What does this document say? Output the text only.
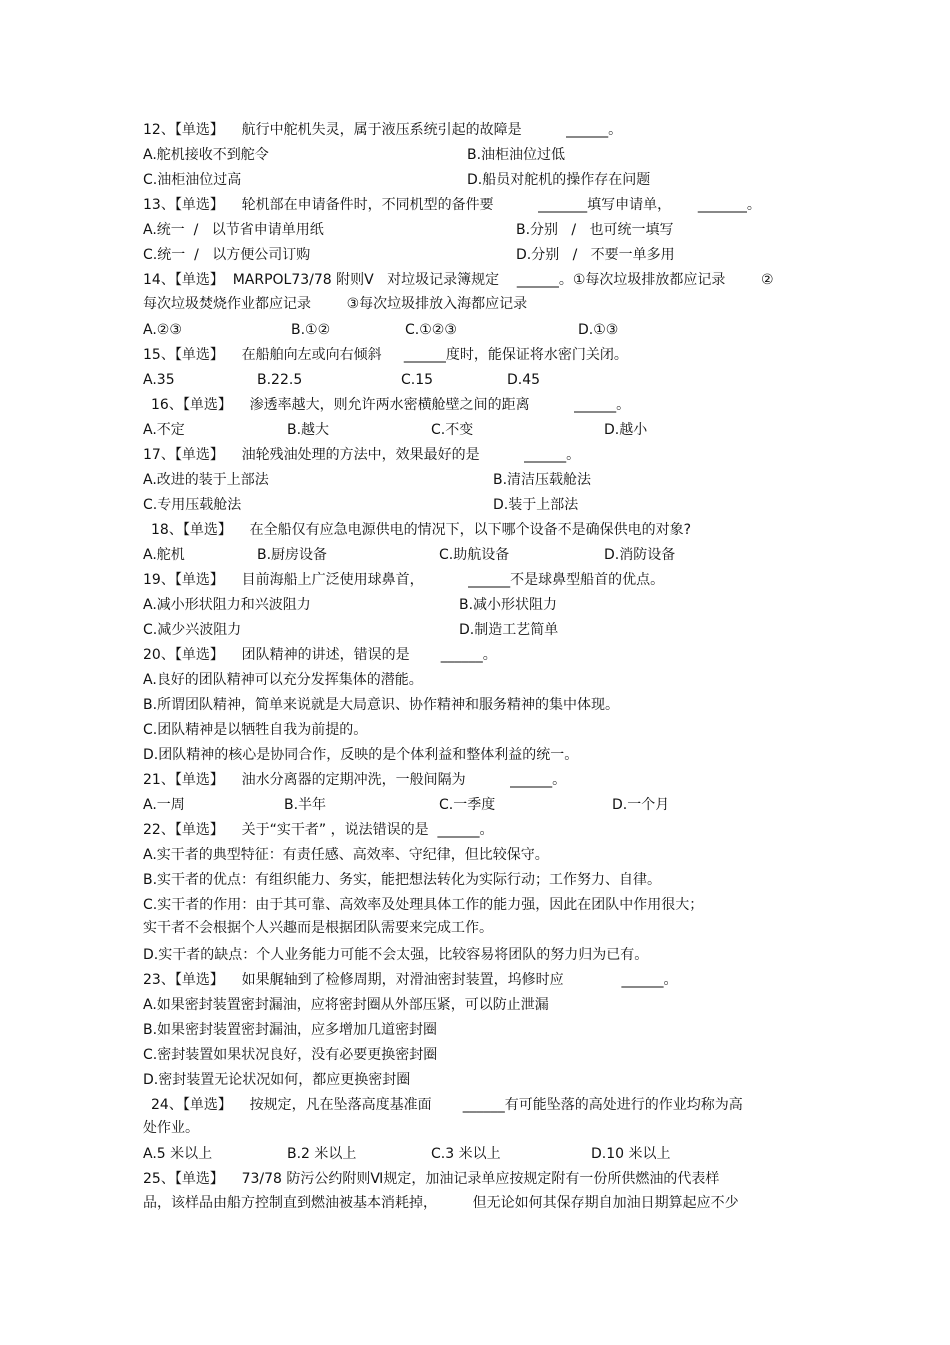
12、【单选】    航行中舵机失灵，属于液压系统引起的故障是          ______。
A.舵机接收不到舵令	B.油柜油位过低
C.油柜油位过高	D.船员对舵机的操作存在问题
13、【单选】    轮机部在申请备件时，不同机型的备件要          _______填写申请单，      _______。
A.统一  /   以节省申请单用纸	B.分别   /   也可统一填写
C.统一  /   以方便公司订购	D.分别   /   不要一单多用
14、【单选】  MARPOL73/78 附则Ⅴ   对垃圾记录簿规定    ______。①每次垃圾排放都应记录        ②
每次垃圾焚烧作业都应记录        ③每次垃圾排放入海都应记录
A.②③	B.①②	C.①②③	D.①③
15、【单选】    在船舶向左或向右倾斜     ______度时，能保证将水密门关闭。
A.35	B.22.5	C.15	D.45
16、【单选】    渗透率越大，则允许两水密横舱壁之间的距离          ______。
A.不定	B.越大	C.不变	D.越小
17、【单选】    油轮残油处理的方法中，效果最好的是          ______。
A.改进的装于上部法	B.清洁压载舱法
C.专用压载舱法	D.装于上部法
18、【单选】    在全船仅有应急电源供电的情况下，以下哪个设备不是确保供电的对象?
A.舵机	B.厨房设备	C.助航设备	D.消防设备
19、【单选】    目前海船上广泛使用球鼻首，          ______不是球鼻型船首的优点。
A.减小形状阻力和兴波阻力	B.减小形状阻力
C.减少兴波阻力	D.制造工艺简单
20、【单选】    团队精神的讲述，错误的是       ______。
A.良好的团队精神可以充分发挥集体的潜能。
B.所谓团队精神，简单来说就是大局意识、协作精神和服务精神的集中体现。
C.团队精神是以牺牲自我为前提的。
D.团队精神的核心是协同合作，反映的是个体利益和整体利益的统一。
21、【单选】    油水分离器的定期冲洗，一般间隔为          ______。
A.一周	B.半年	C.一季度	D.一个月
22、【单选】    关于“实干者” ，说法错误的是  ______。
A.实干者的典型特征：有责任感、高效率、守纪律，但比较保守。
B.实干者的优点：有组织能力、务实，能把想法转化为实际行动；工作努力、自律。
C.实干者的作用：由于其可靠、高效率及处理具体工作的能力强，因此在团队中作用很大；
实干者不会根据个人兴趣而是根据团队需要来完成工作。
D.实干者的缺点：个人业务能力可能不会太强，比较容易将团队的努力归为已有。
23、【单选】    如果艉轴到了检修周期，对滑油密封装置，坞修时应             ______。
A.如果密封装置密封漏油，应将密封圈从外部压紧，可以防止泄漏
B.如果密封装置密封漏油，应多增加几道密封圈
C.密封装置如果状况良好，没有必要更换密封圈
D.密封装置无论状况如何，都应更换密封圈
24、【单选】    按规定，凡在坠落高度基准面       ______有可能坠落的高处进行的作业均称为高
处作业。
A.5 米以上	B.2 米以上	C.3 米以上	D.10 米以上
25、【单选】    73/78 防污公约附则Ⅵ规定，加油记录单应按规定附有一份所供燃油的代表样
品，该样品由船方控制直到燃油被基本消耗掉，        但无论如何其保存期自加油日期算起应不少
